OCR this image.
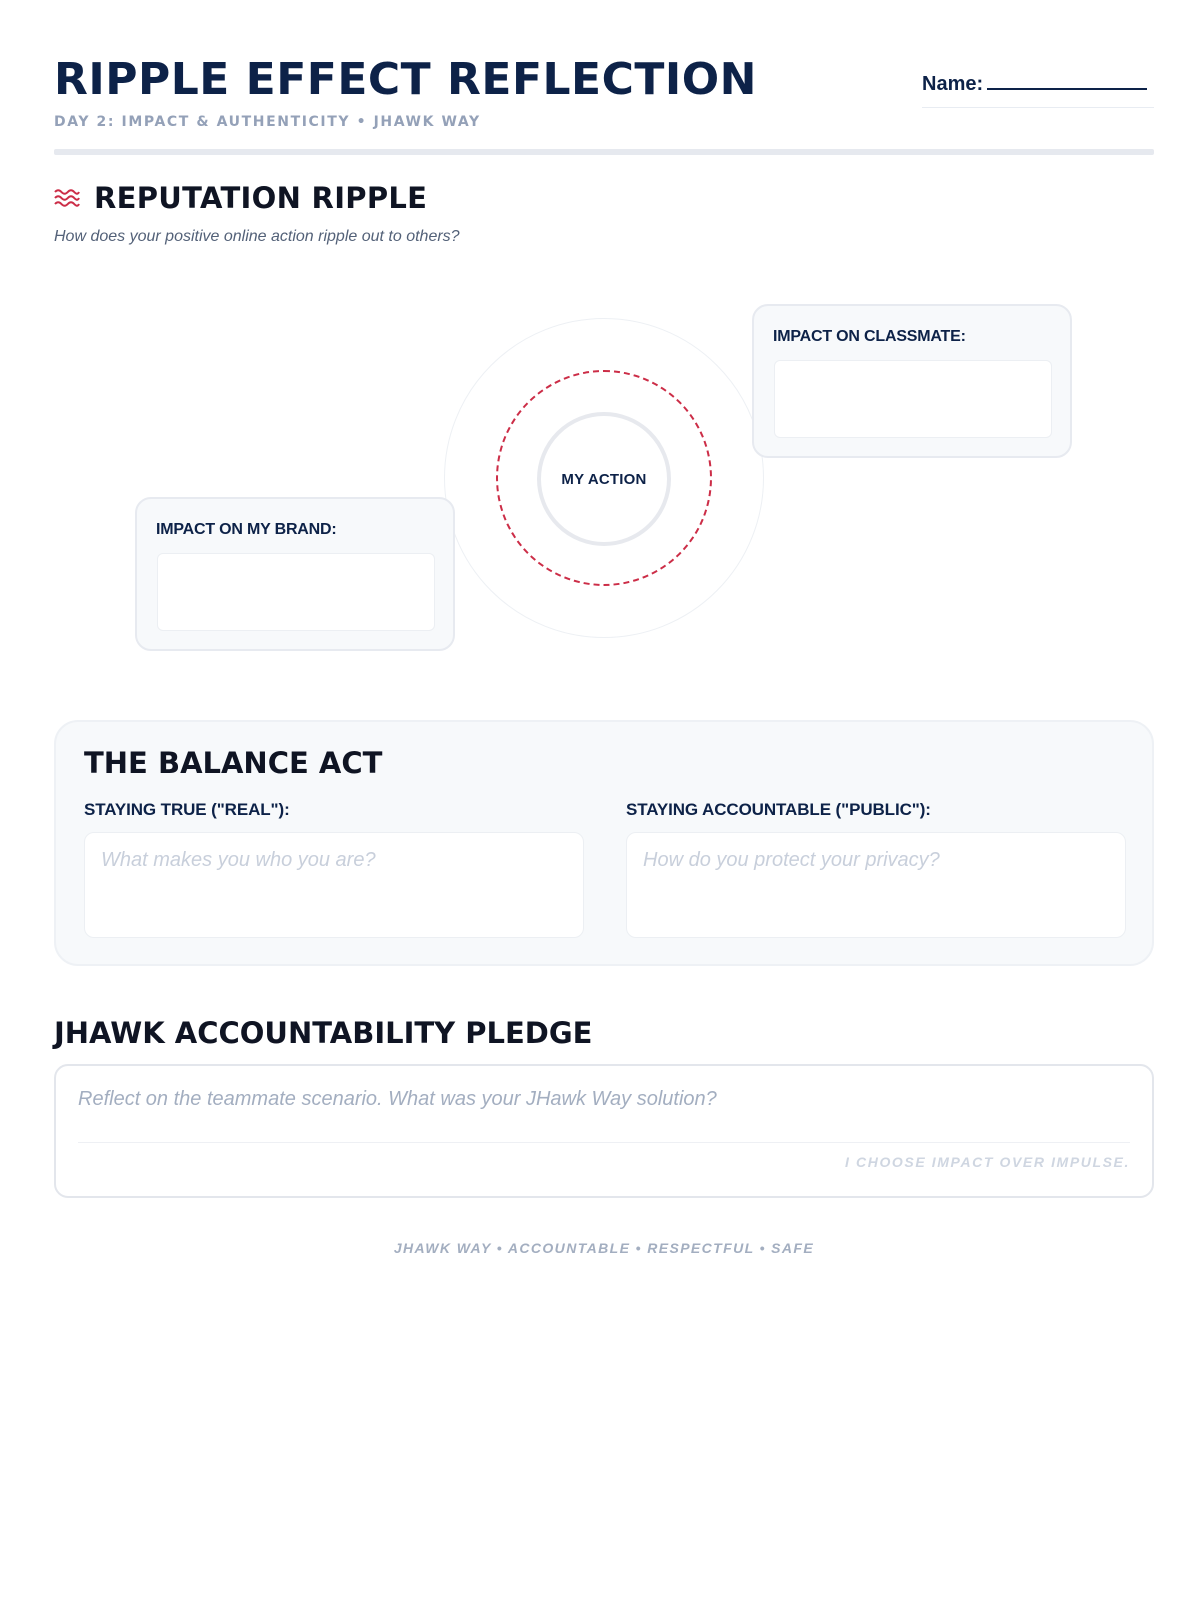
RIPPLE EFFECT REFLECTION
DAY 2: IMPACT & AUTHENTICITY • JHAWK WAY
Name:
REPUTATION RIPPLE
How does your positive online action ripple out to others?
MY ACTION
IMPACT ON CLASSMATE:
IMPACT ON MY BRAND:
THE BALANCE ACT
STAYING TRUE ("REAL"):
What makes you who you are?
STAYING ACCOUNTABLE ("PUBLIC"):
How do you protect your privacy?
JHAWK ACCOUNTABILITY PLEDGE
Reflect on the teammate scenario. What was your JHawk Way solution?
I CHOOSE IMPACT OVER IMPULSE.
JHAWK WAY • ACCOUNTABLE • RESPECTFUL • SAFE
